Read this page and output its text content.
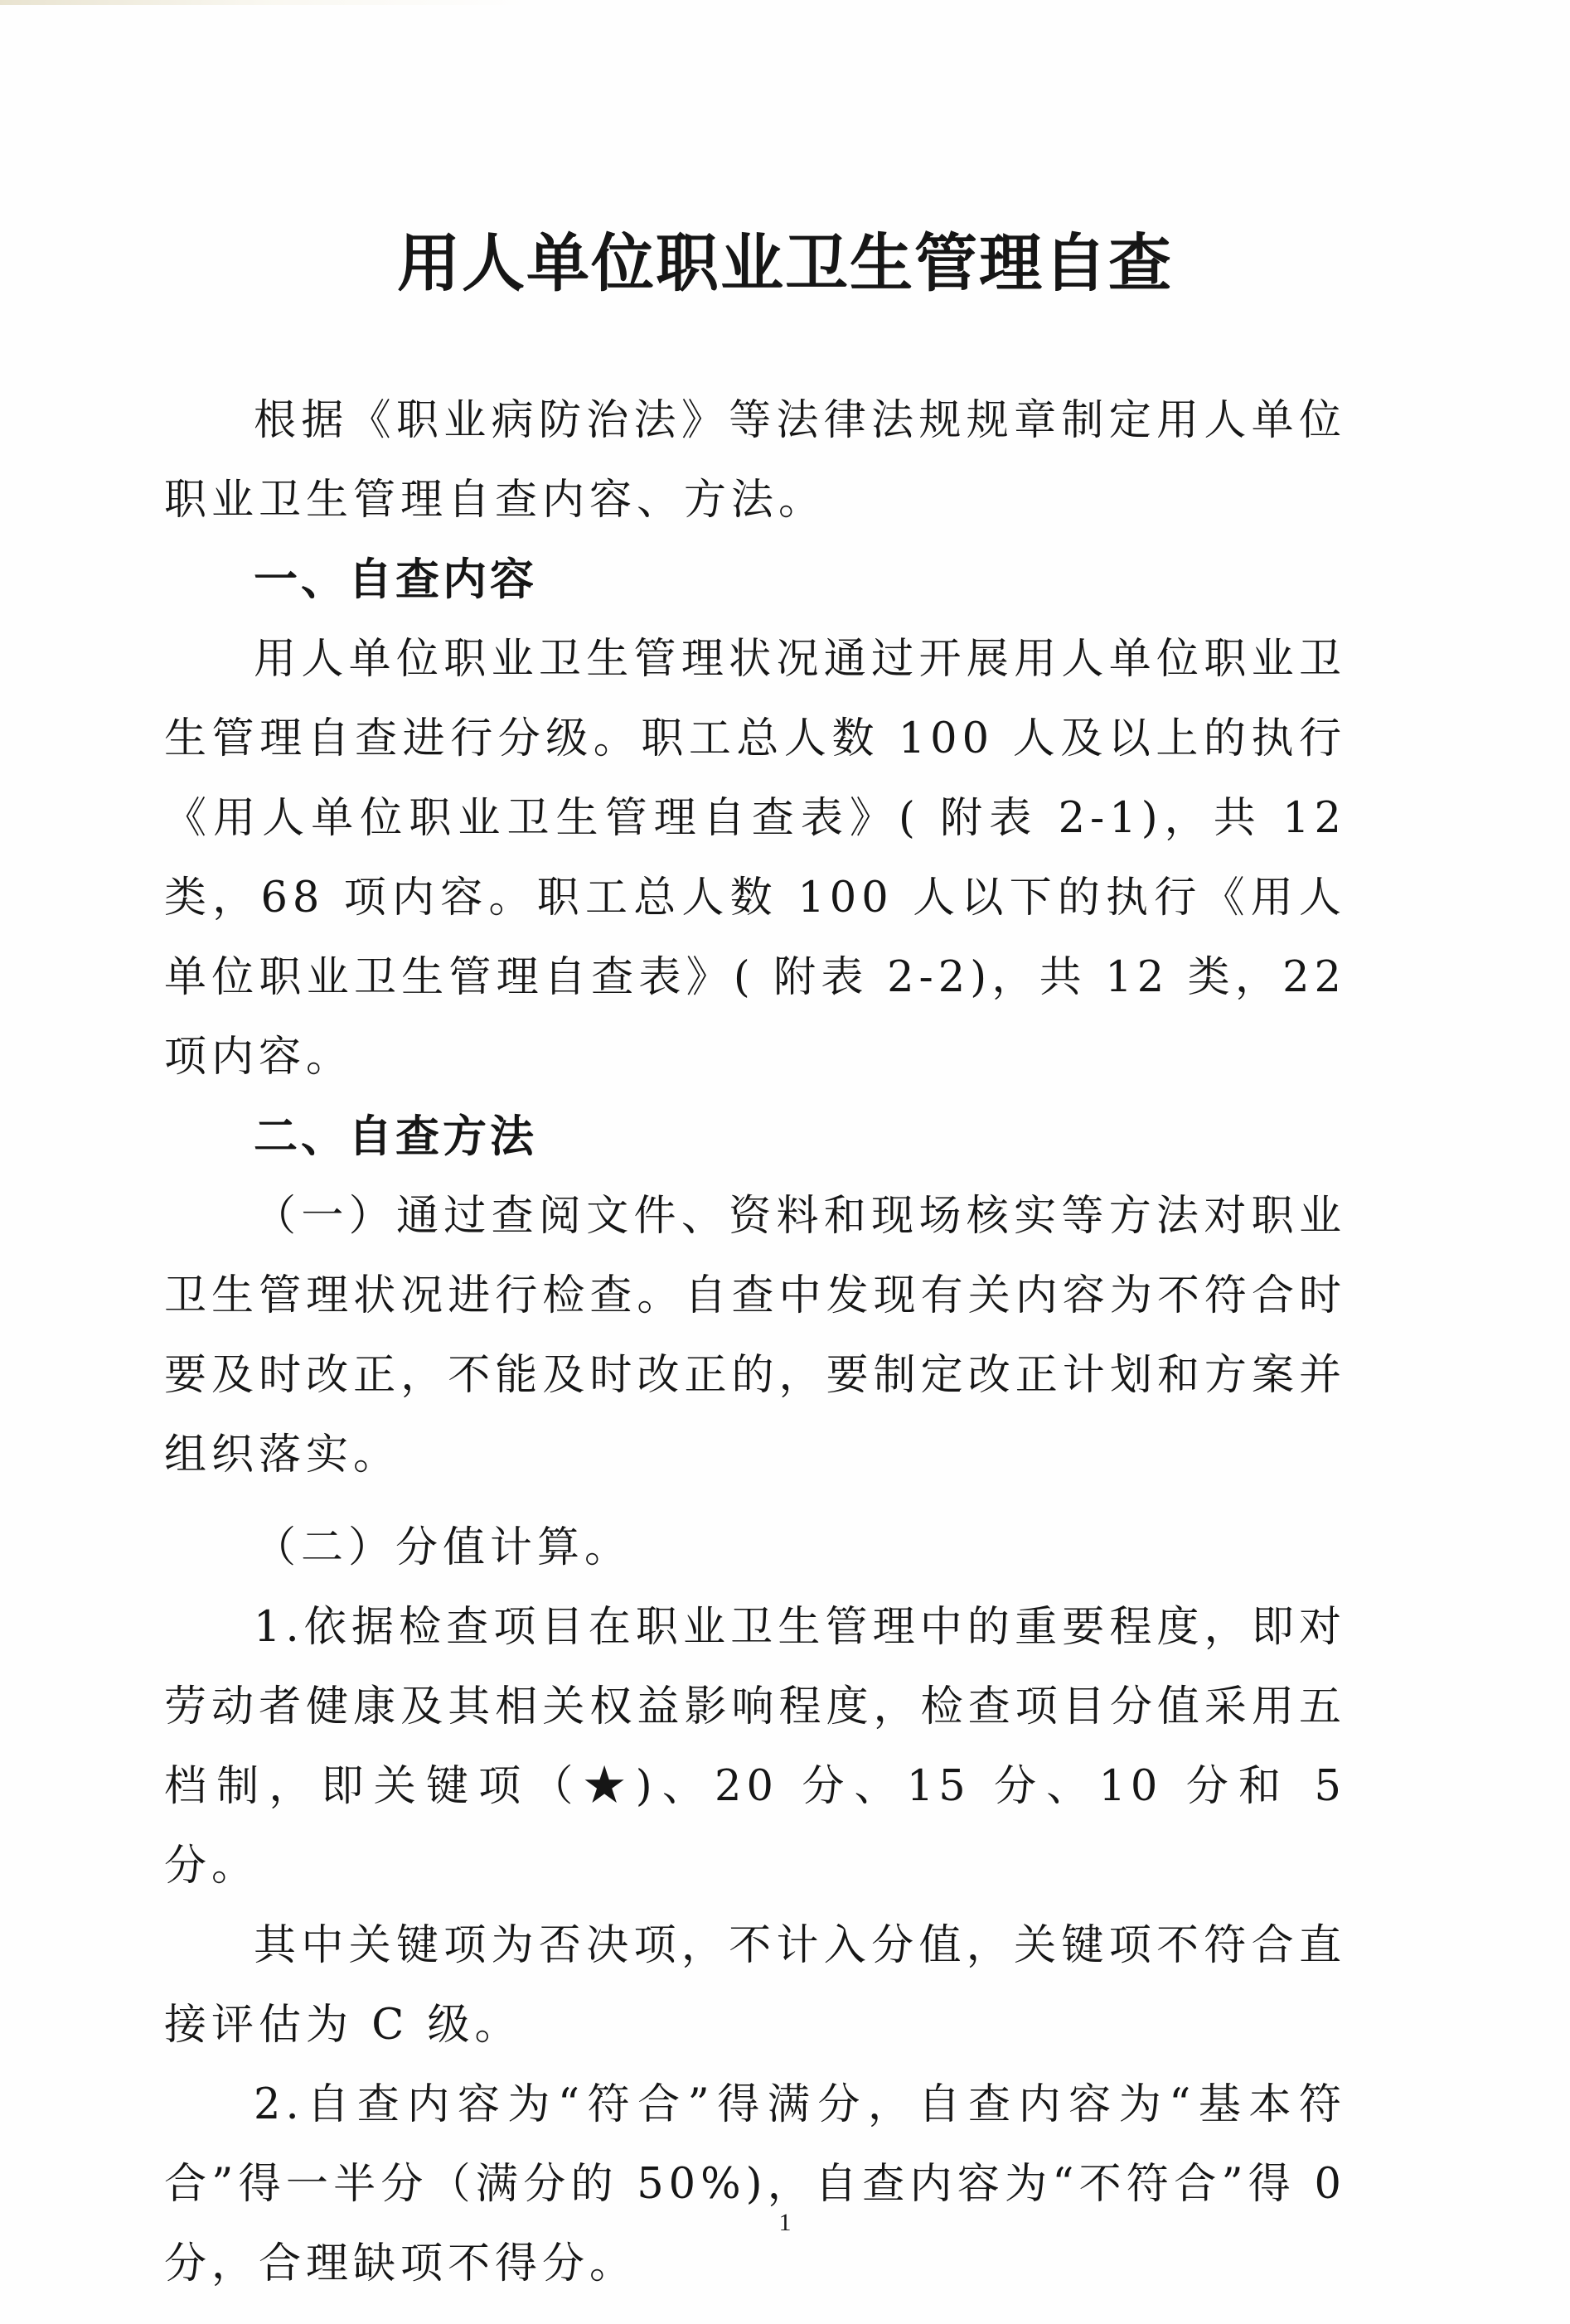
用人单位职业卫生管理自查

根据《职业病防治法》等法律法规规章制定用人单位职业卫生管理自查内容、方法。

一、自查内容

用人单位职业卫生管理状况通过开展用人单位职业卫生管理自查进行分级。职工总人数 100 人及以上的执行《用人单位职业卫生管理自查表》( 附表 2-1)，共 12 类，68 项内容。职工总人数 100 人以下的执行《用人单位职业卫生管理自查表》( 附表 2-2)，共 12 类，22 项内容。

二、自查方法

（一）通过查阅文件、资料和现场核实等方法对职业卫生管理状况进行检查。自查中发现有关内容为不符合时要及时改正，不能及时改正的，要制定改正计划和方案并组织落实。

（二）分值计算。

1.依据检查项目在职业卫生管理中的重要程度，即对劳动者健康及其相关权益影响程度，检查项目分值采用五档制，即关键项（★)、20 分、15 分、10 分和 5 分。

其中关键项为否决项，不计入分值，关键项不符合直接评估为 C 级。

2.自查内容为“符合”得满分，自查内容为“基本符合”得一半分（满分的 50%)，自查内容为“不符合”得 0 分，合理缺项不得分。

1
